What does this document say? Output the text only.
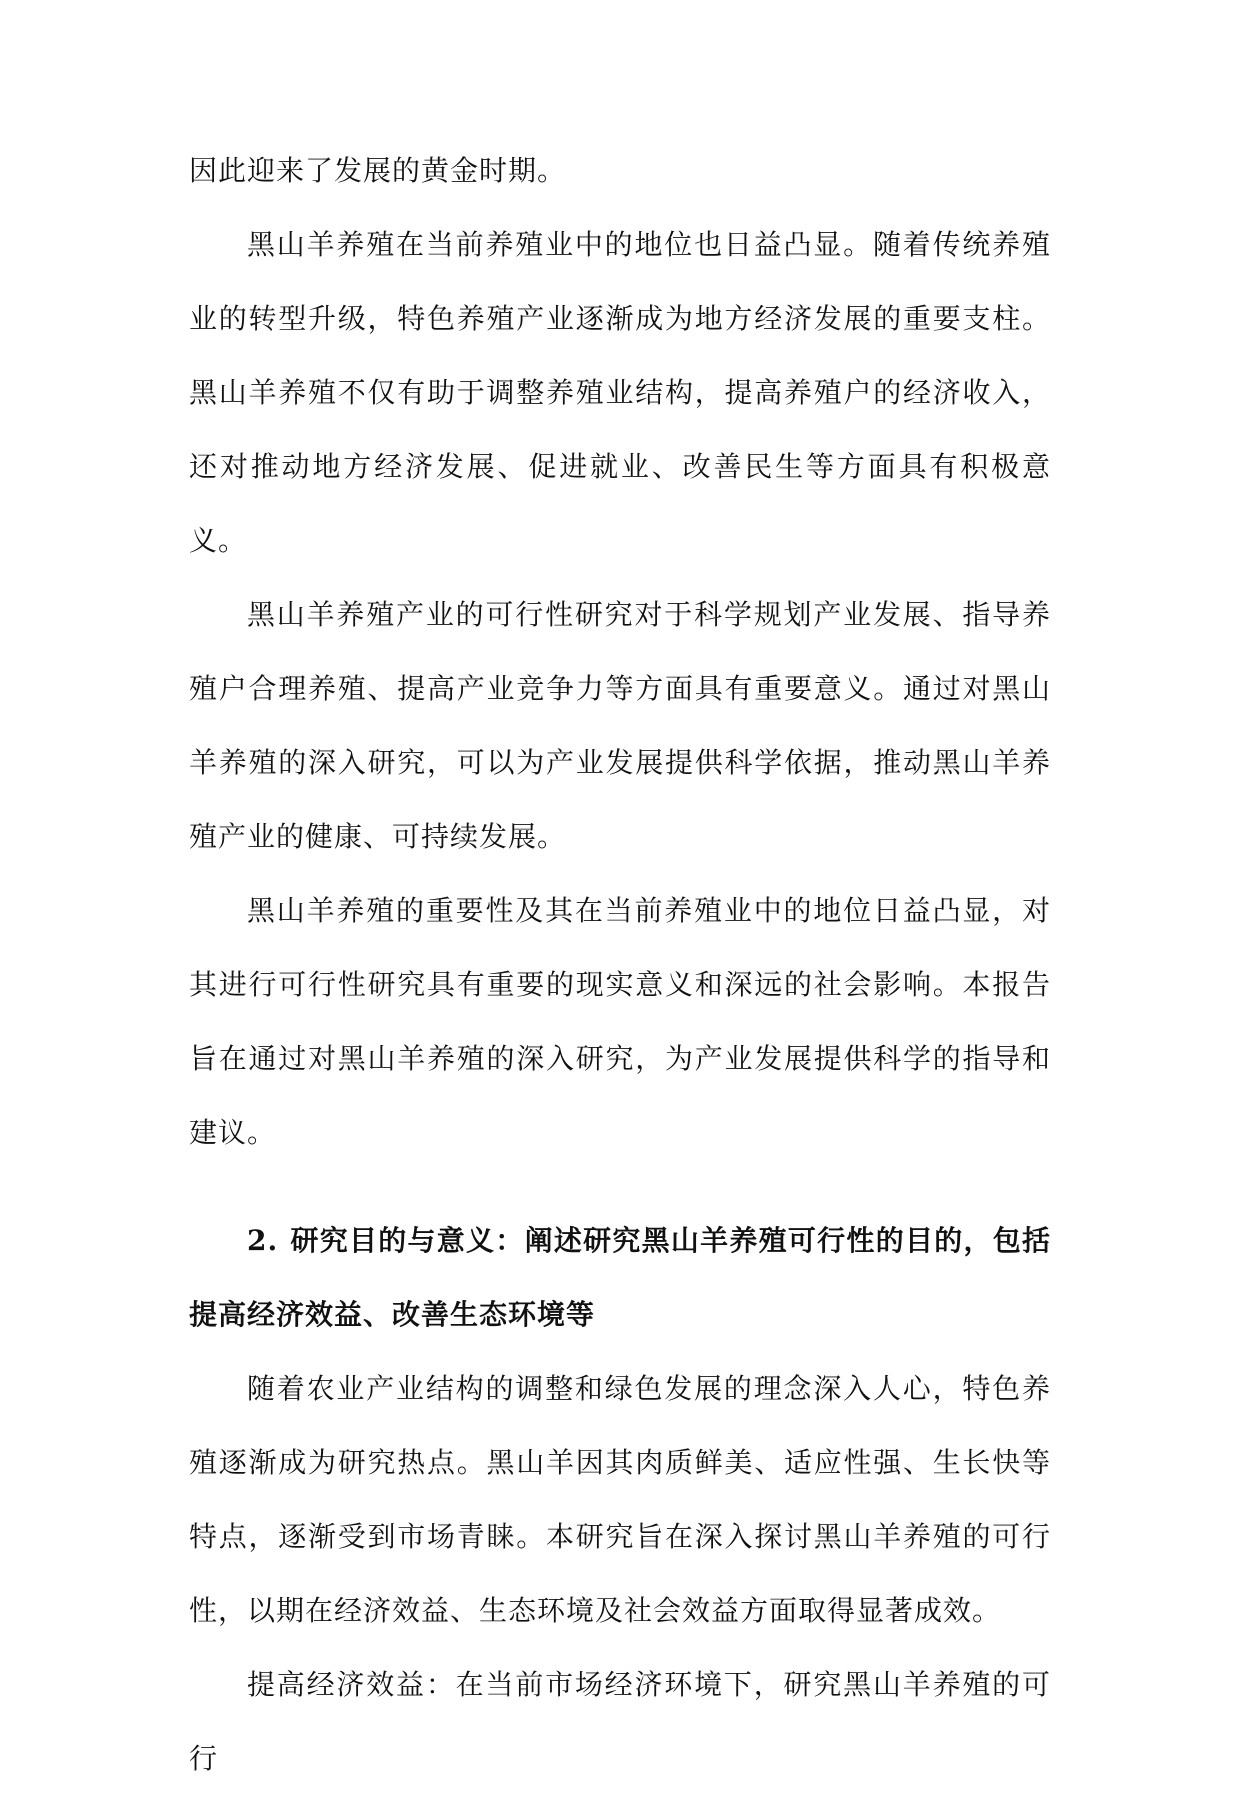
因此迎来了发展的黄金时期。

黑山羊养殖在当前养殖业中的地位也日益凸显。随着传统养殖业的转型升级，特色养殖产业逐渐成为地方经济发展的重要支柱。黑山羊养殖不仅有助于调整养殖业结构，提高养殖户的经济收入，还对推动地方经济发展、促进就业、改善民生等方面具有积极意义。

黑山羊养殖产业的可行性研究对于科学规划产业发展、指导养殖户合理养殖、提高产业竞争力等方面具有重要意义。通过对黑山羊养殖的深入研究，可以为产业发展提供科学依据，推动黑山羊养殖产业的健康、可持续发展。

黑山羊养殖的重要性及其在当前养殖业中的地位日益凸显，对其进行可行性研究具有重要的现实意义和深远的社会影响。本报告旨在通过对黑山羊养殖的深入研究，为产业发展提供科学的指导和建议。

2. 研究目的与意义：阐述研究黑山羊养殖可行性的目的，包括提高经济效益、改善生态环境等

随着农业产业结构的调整和绿色发展的理念深入人心，特色养殖逐渐成为研究热点。黑山羊因其肉质鲜美、适应性强、生长快等特点，逐渐受到市场青睐。本研究旨在深入探讨黑山羊养殖的可行性，以期在经济效益、生态环境及社会效益方面取得显著成效。

提高经济效益：在当前市场经济环境下，研究黑山羊养殖的可行
